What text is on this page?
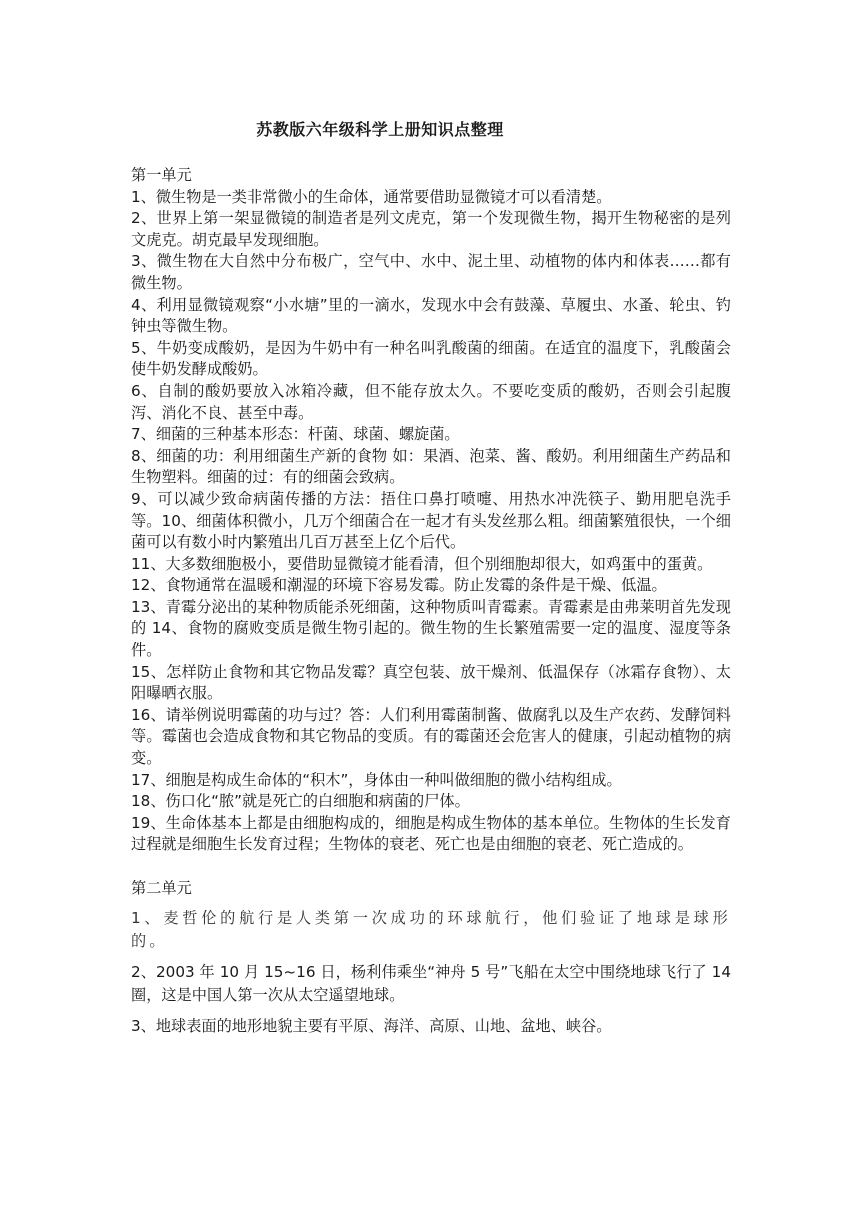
苏教版六年级科学上册知识点整理

第一单元

1、微生物是一类非常微小的生命体，通常要借助显微镜才可以看清楚。

2、世界上第一架显微镜的制造者是列文虎克，第一个发现微生物，揭开生物秘密的是列文虎克。胡克最早发现细胞。

3、微生物在大自然中分布极广，空气中、水中、泥土里、动植物的体内和体表……都有微生物。

4、利用显微镜观察“小水塘”里的一滴水，发现水中会有鼓藻、草履虫、水蚤、轮虫、钓钟虫等微生物。

5、牛奶变成酸奶，是因为牛奶中有一种名叫乳酸菌的细菌。在适宜的温度下，乳酸菌会使牛奶发酵成酸奶。

6、自制的酸奶要放入冰箱冷藏，但不能存放太久。不要吃变质的酸奶，否则会引起腹泻、消化不良、甚至中毒。

7、细菌的三种基本形态：杆菌、球菌、螺旋菌。

8、细菌的功：利用细菌生产新的食物 如：果酒、泡菜、酱、酸奶。利用细菌生产药品和生物塑料。细菌的过：有的细菌会致病。

9、可以减少致命病菌传播的方法：捂住口鼻打喷嚏、用热水冲洗筷子、勤用肥皂洗手 等。10、细菌体积微小，几万个细菌合在一起才有头发丝那么粗。细菌繁殖很快，一个细菌可以有数小时内繁殖出几百万甚至上亿个后代。

11、大多数细胞极小，要借助显微镜才能看清，但个别细胞却很大，如鸡蛋中的蛋黄。

12、食物通常在温暖和潮湿的环境下容易发霉。防止发霉的条件是干燥、低温。

13、青霉分泌出的某种物质能杀死细菌，这种物质叫青霉素。青霉素是由弗莱明首先发现的 14、食物的腐败变质是微生物引起的。微生物的生长繁殖需要一定的温度、湿度等条件。

15、怎样防止食物和其它物品发霉？真空包装、放干燥剂、低温保存（冰霜存食物）、太阳曝晒衣服。

16、请举例说明霉菌的功与过？答：人们利用霉菌制酱、做腐乳以及生产农药、发酵饲料等。霉菌也会造成食物和其它物品的变质。有的霉菌还会危害人的健康，引起动植物的病变。

17、细胞是构成生命体的“积木”，身体由一种叫做细胞的微小结构组成。

18、伤口化“脓”就是死亡的白细胞和病菌的尸体。

19、生命体基本上都是由细胞构成的，细胞是构成生物体的基本单位。生物体的生长发育过程就是细胞生长发育过程；生物体的衰老、死亡也是由细胞的衰老、死亡造成的。

第二单元

1、麦哲伦的航行是人类第一次成功的环球航行，他们验证了地球是球形的。

2、2003 年 10 月 15~16 日，杨利伟乘坐“神舟 5 号”飞船在太空中围绕地球飞行了 14 圈，这是中国人第一次从太空遥望地球。

3、地球表面的地形地貌主要有平原、海洋、高原、山地、盆地、峡谷。
